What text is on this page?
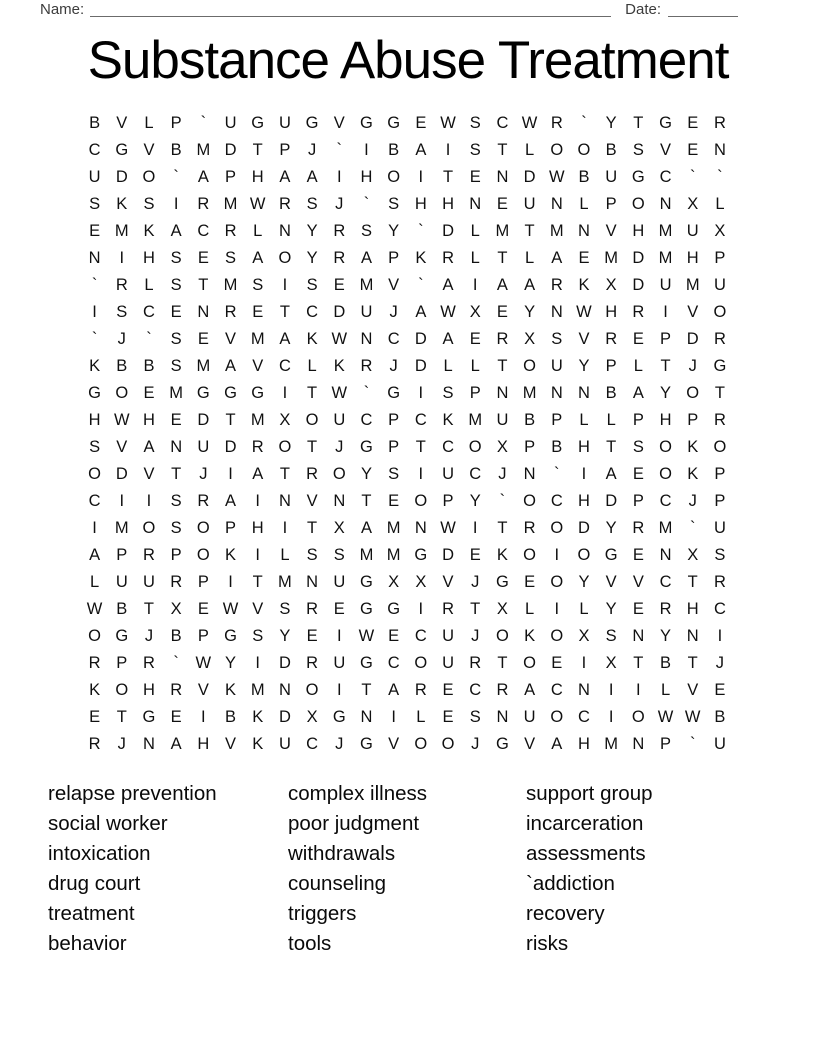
Name:	Date:
Substance Abuse Treatment
B V	L	P	`	U G U G V G G E W S C W R	`	Y	T G E R
C G V B M D T	P	J	`	I	B A	I	S	T	L O O B S V E N
U D O	`	A P H A A	I	H O	I	T	E N D W B U G C	`	`
S K S	I	R M W R S	J	`	S H H N E U N	L	P O N X	L
E M K A C R	L	N Y R S Y	`	D	L M T M N V H M U X
N	I	H S E S A O Y R A P K R	L	T	L	A E M D M H P
`	R	L	S	T M S	I	S E M V	`	A	I	A A R K X D U M U
I	S C E N R E	T C D U	J	A W X E Y N W H R	I	V O
`	J	`	S E V M A K W N C D A E R X S V R E P D R
K B B S M A V C	L	K R	J	D	L	L	T O U Y P	L	T	J	G
G O E M G G G	I	T W	`	G	I	S P N M N N B A Y O T
H W H E D T M X O U C P C K M U B P	L	L	P H P R
S V A N U D R O T	J	G P	T C O X P B H T	S O K O
O D V	T	J	I	A	T R O Y S	I	U C	J	N	`	I	A E O K P
C	I	I	S R A	I	N V N T	E O P Y	`	O C H D P C	J	P
I	M O S O P H	I	T	X A M N W	I	T R O D Y R M	`	U
A P R P O K	I	L	S S M M G D E K O	I	O G E N X S
L	U U R P	I	T M N U G X X V	J	G E O Y V V C T R
W B	T	X E W V S R E G G	I	R T	X	L	I	L	Y E R H C
O G	J	B P G S Y E	I	W E C U	J	O K O X S N Y N	I
R P R	`	W Y	I	D R U G C O U R T O E	I	X	T	B	T	J
K O H R V K M N O	I	T	A R E C R A C N	I	I	L	V E
E	T G E	I	B K D X G N	I	L	E S N U O C	I	O W W B
R	J	N A H V K U C	J	G V O O	J	G V A H M N P	`	U
relapse prevention
social worker
intoxication
drug court
treatment
behavior
complex illness
poor judgment
withdrawals
counseling
triggers
tools
support group
incarceration
assessments
`addiction
recovery
risks
